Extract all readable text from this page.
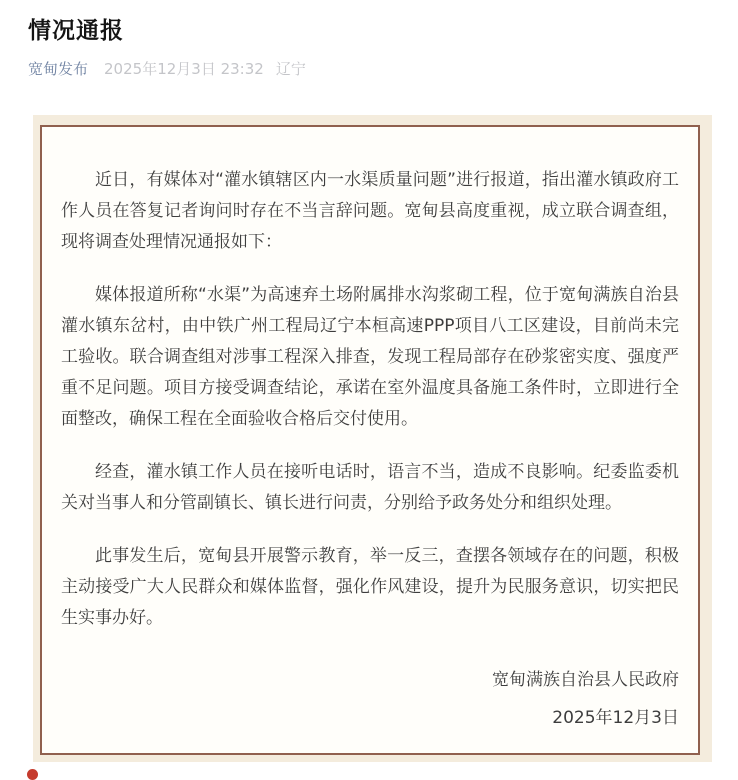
情况通报
宽甸发布 2025年12月3日 23:32 辽宁

近日，有媒体对“灌水镇辖区内一水渠质量问题”进行报道，指出灌水镇政府工作人员在答复记者询问时存在不当言辞问题。宽甸县高度重视，成立联合调查组，现将调查处理情况通报如下：

媒体报道所称“水渠”为高速弃土场附属排水沟浆砌工程，位于宽甸满族自治县灌水镇东岔村，由中铁广州工程局辽宁本桓高速PPP项目八工区建设，目前尚未完工验收。联合调查组对涉事工程深入排查，发现工程局部存在砂浆密实度、强度严重不足问题。项目方接受调查结论，承诺在室外温度具备施工条件时，立即进行全面整改，确保工程在全面验收合格后交付使用。

经查，灌水镇工作人员在接听电话时，语言不当，造成不良影响。纪委监委机关对当事人和分管副镇长、镇长进行问责，分别给予政务处分和组织处理。

此事发生后，宽甸县开展警示教育，举一反三，查摆各领域存在的问题，积极主动接受广大人民群众和媒体监督，强化作风建设，提升为民服务意识，切实把民生实事办好。

宽甸满族自治县人民政府
2025年12月3日
